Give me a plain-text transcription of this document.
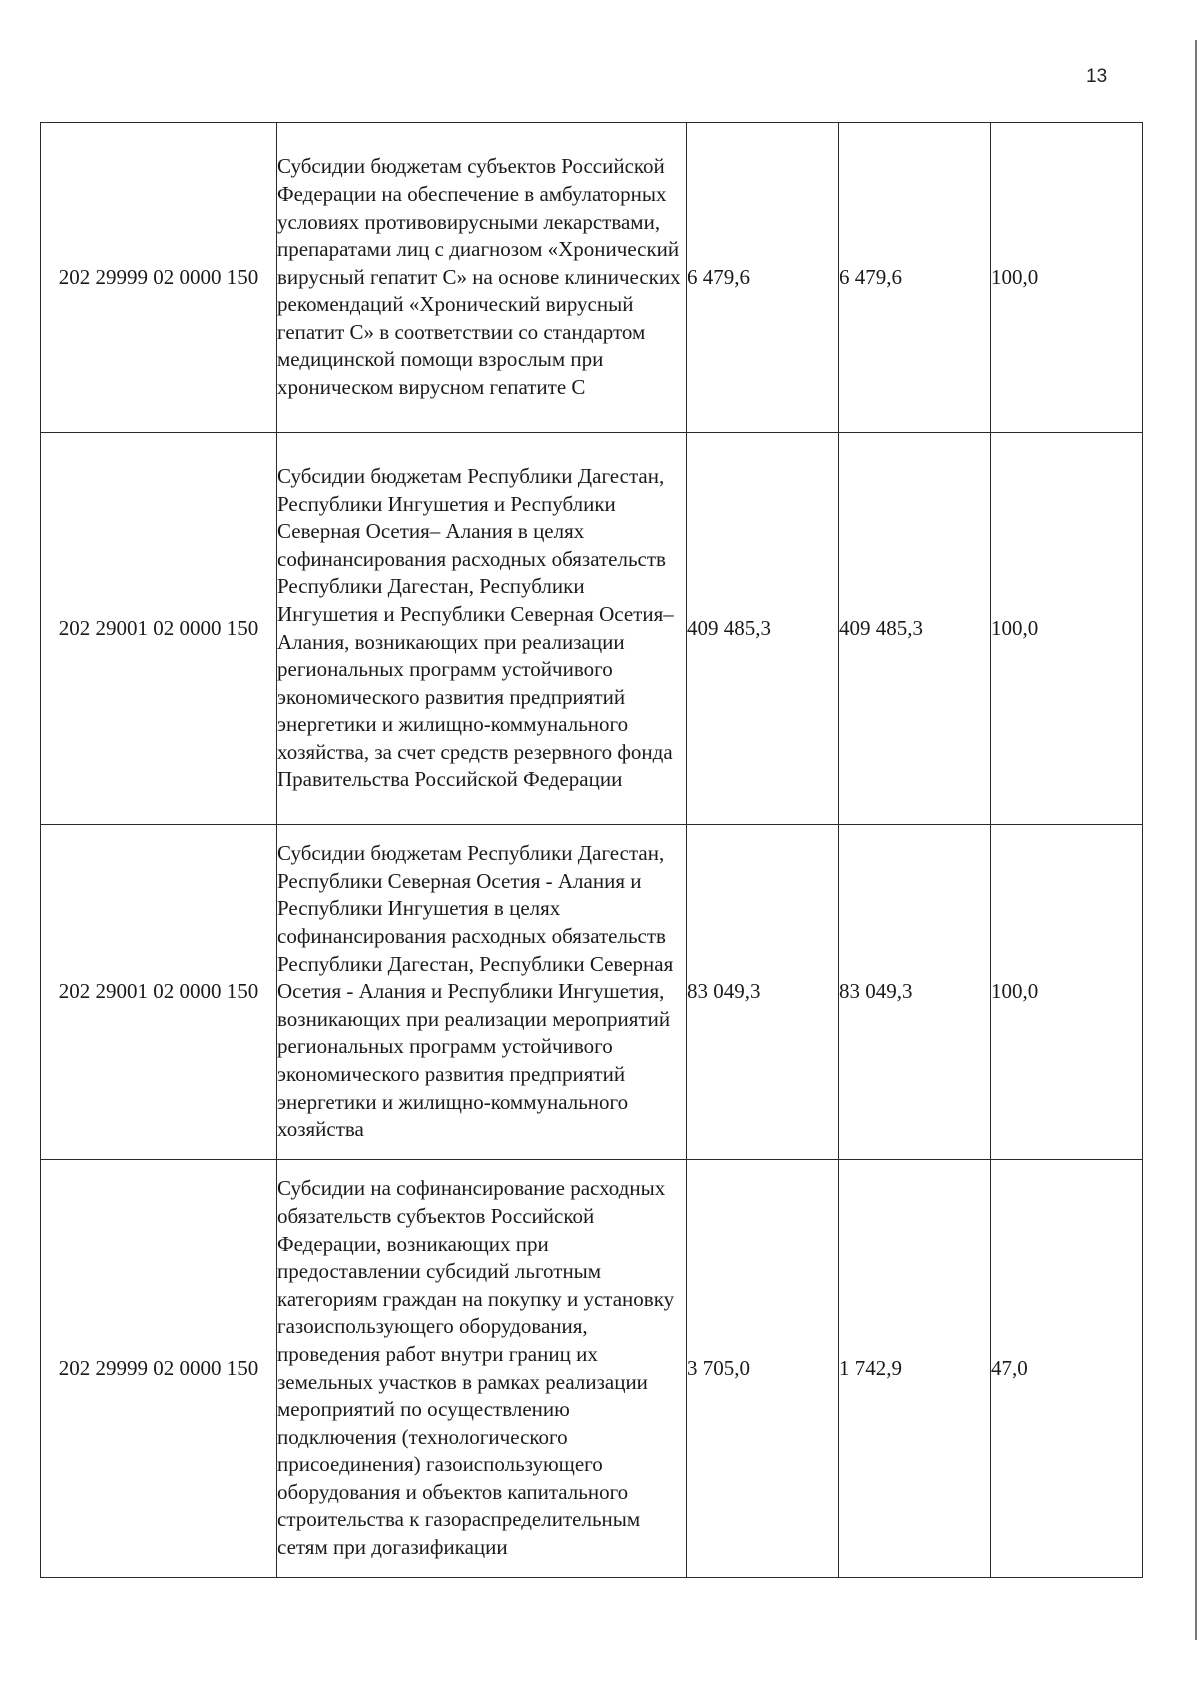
13
202 29999 02 0000 150	Субсидии бюджетам субъектов Российской Федерации на обеспечение в амбулаторных условиях противовирусными лекарствами, препаратами лиц с диагнозом «Хронический вирусный гепатит С» на основе клинических рекомендаций «Хронический вирусный гепатит С» в соответствии со стандартом медицинской помощи взрослым при хроническом вирусном гепатите С	6 479,6	6 479,6	100,0
202 29001 02 0000 150	Субсидии бюджетам Республики Дагестан, Республики Ингушетия и Республики Северная Осетия– Алания в целях софинансирования расходных обязательств Республики Дагестан, Республики Ингушетия и Республики Северная Осетия– Алания, возникающих при реализации региональных программ устойчивого экономического развития предприятий энергетики и жилищно-коммунального хозяйства, за счет средств резервного фонда Правительства Российской Федерации	409 485,3	409 485,3	100,0
202 29001 02 0000 150	Субсидии бюджетам Республики Дагестан, Республики Северная Осетия - Алания и Республики Ингушетия в целях софинансирования расходных обязательств Республики Дагестан, Республики Северная Осетия - Алания и Республики Ингушетия, возникающих при реализации мероприятий региональных программ устойчивого экономического развития предприятий энергетики и жилищно-коммунального хозяйства	83 049,3	83 049,3	100,0
202 29999 02 0000 150	Субсидии на софинансирование расходных обязательств субъектов Российской Федерации, возникающих при предоставлении субсидий льготным категориям граждан на покупку и установку газоиспользующего оборудования, проведения работ внутри границ их земельных участков в рамках реализации мероприятий по осуществлению подключения (технологического присоединения) газоиспользующего оборудования и объектов капитального строительства к газораспределительным сетям при догазификации	3 705,0	1 742,9	47,0
